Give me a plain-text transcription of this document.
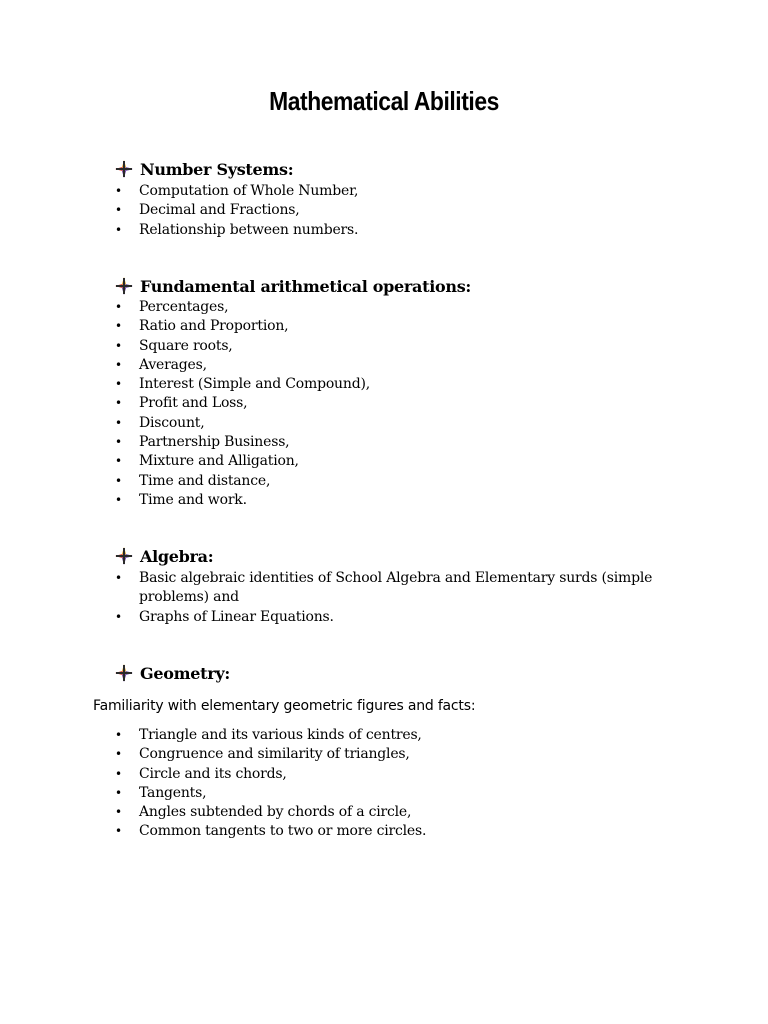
Mathematical Abilities
Number Systems:
• Computation of Whole Number,
• Decimal and Fractions,
• Relationship between numbers.
Fundamental arithmetical operations:
• Percentages,
• Ratio and Proportion,
• Square roots,
• Averages,
• Interest (Simple and Compound),
• Profit and Loss,
• Discount,
• Partnership Business,
• Mixture and Alligation,
• Time and distance,
• Time and work.
Algebra:
• Basic algebraic identities of School Algebra and Elementary surds (simple problems) and
• Graphs of Linear Equations.
Geometry:
Familiarity with elementary geometric figures and facts:
• Triangle and its various kinds of centres,
• Congruence and similarity of triangles,
• Circle and its chords,
• Tangents,
• Angles subtended by chords of a circle,
• Common tangents to two or more circles.
